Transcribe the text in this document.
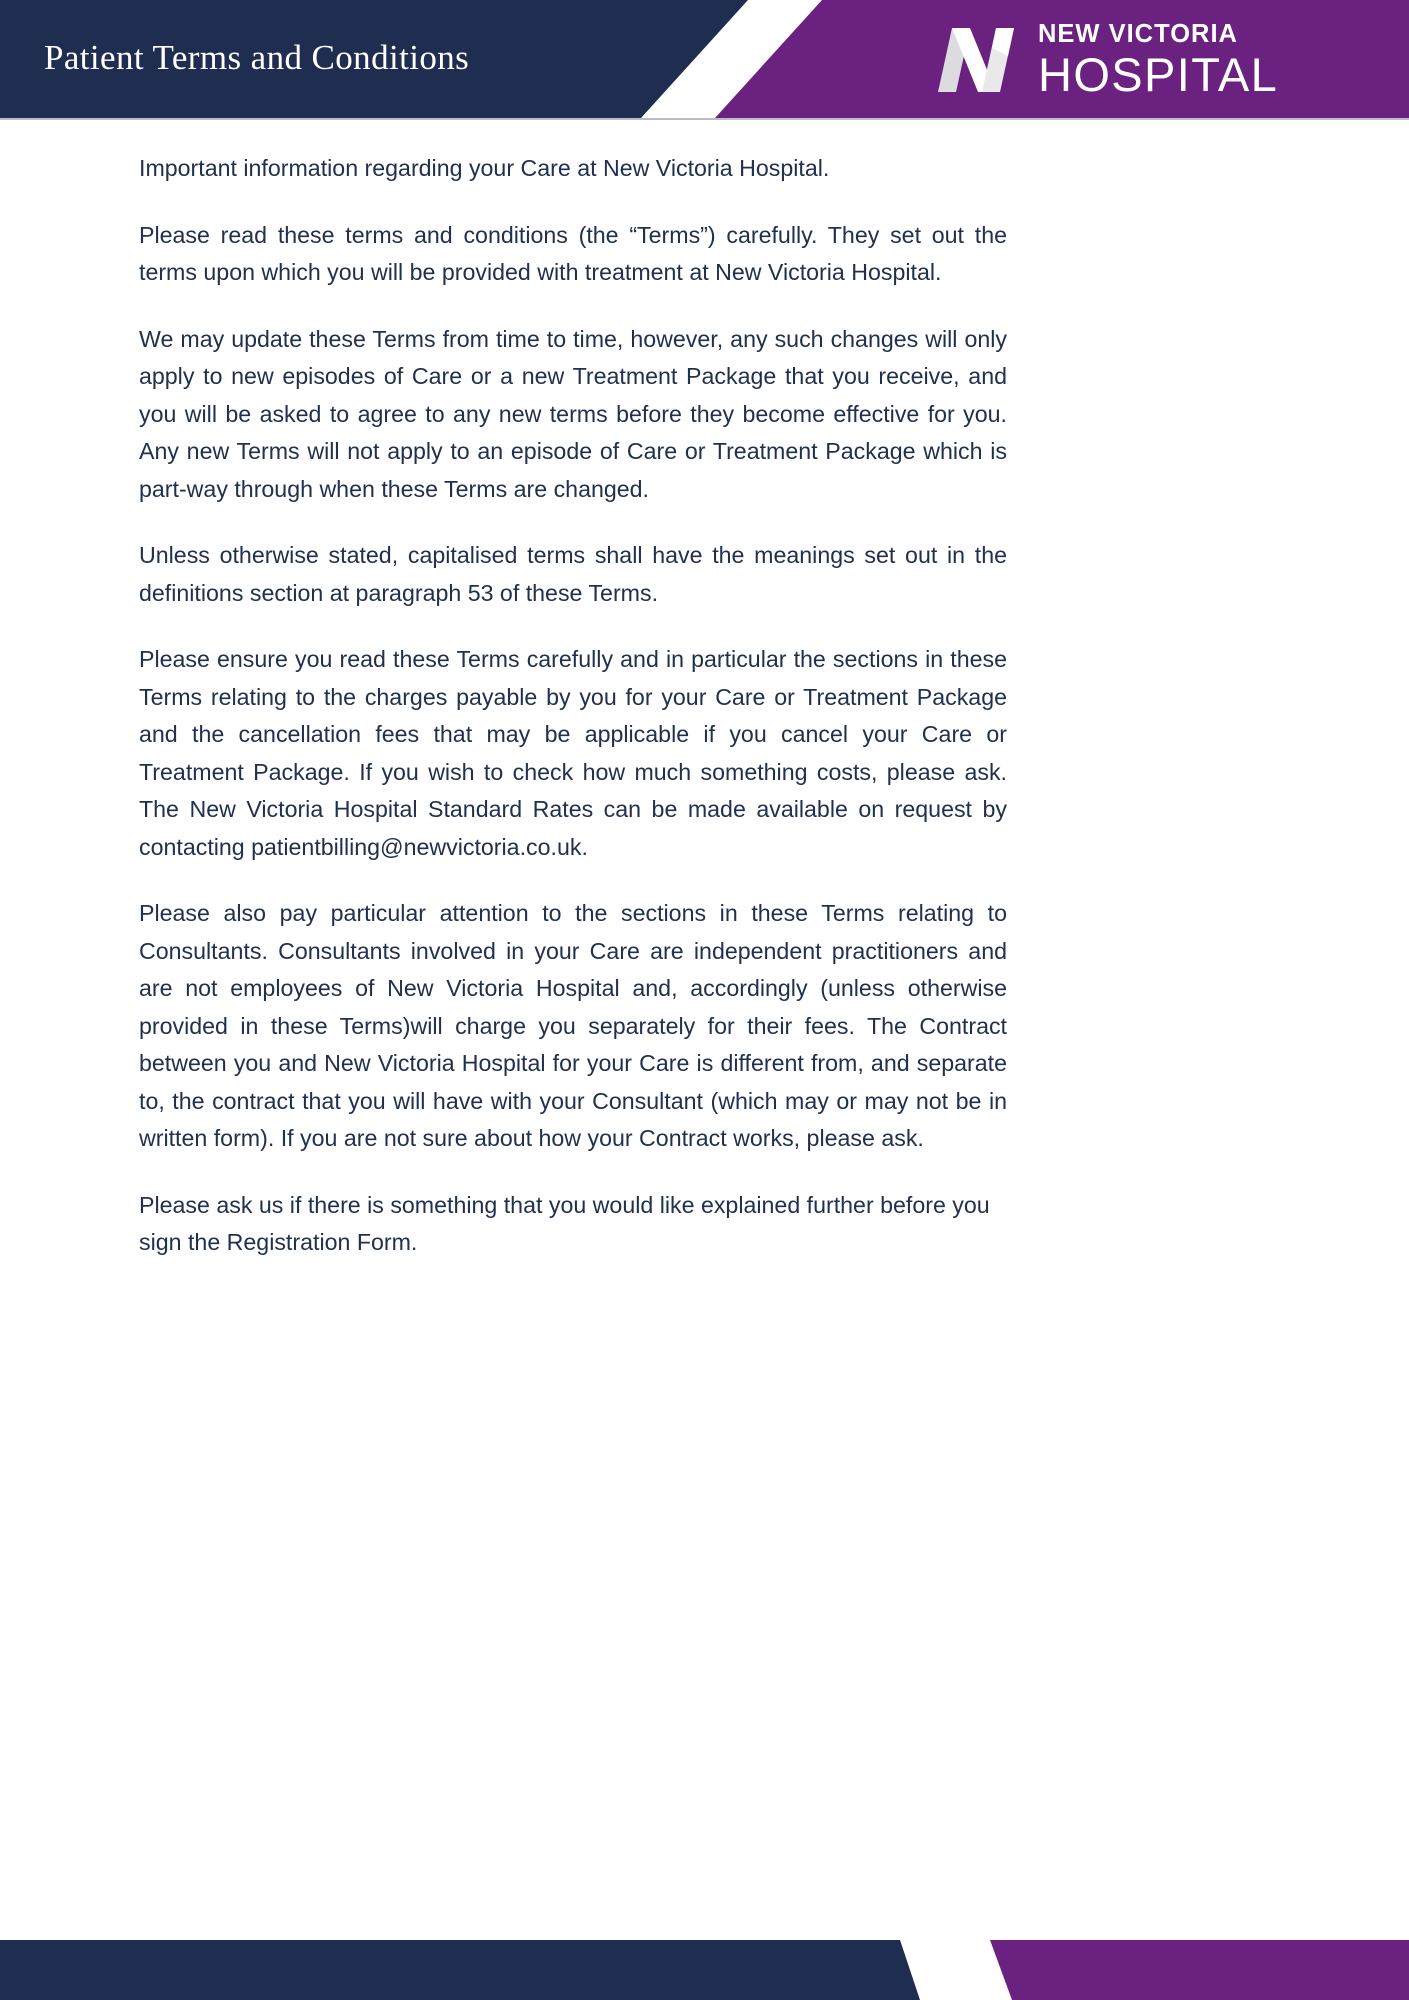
Patient Terms and Conditions
NEW VICTORIA
HOSPITAL

Important information regarding your Care at New Victoria Hospital.

Please read these terms and conditions (the “Terms”) carefully. They set out the terms upon which you will be provided with treatment at New Victoria Hospital.

We may update these Terms from time to time, however, any such changes will only apply to new episodes of Care or a new Treatment Package that you receive, and you will be asked to agree to any new terms before they become effective for you. Any new Terms will not apply to an episode of Care or Treatment Package which is part-way through when these Terms are changed.

Unless otherwise stated, capitalised terms shall have the meanings set out in the definitions section at paragraph 53 of these Terms.

Please ensure you read these Terms carefully and in particular the sections in these Terms relating to the charges payable by you for your Care or Treatment Package and the cancellation fees that may be applicable if you cancel your Care or Treatment Package. If you wish to check how much something costs, please ask. The New Victoria Hospital Standard Rates can be made available on request by contacting patientbilling@newvictoria.co.uk.

Please also pay particular attention to the sections in these Terms relating to Consultants. Consultants involved in your Care are independent practitioners and are not employees of New Victoria Hospital and, accordingly (unless otherwise provided in these Terms)will charge you separately for their fees. The Contract between you and New Victoria Hospital for your Care is different from, and separate to, the contract that you will have with your Consultant (which may or may not be in written form). If you are not sure about how your Contract works, please ask.

Please ask us if there is something that you would like explained further before you sign the Registration Form.
